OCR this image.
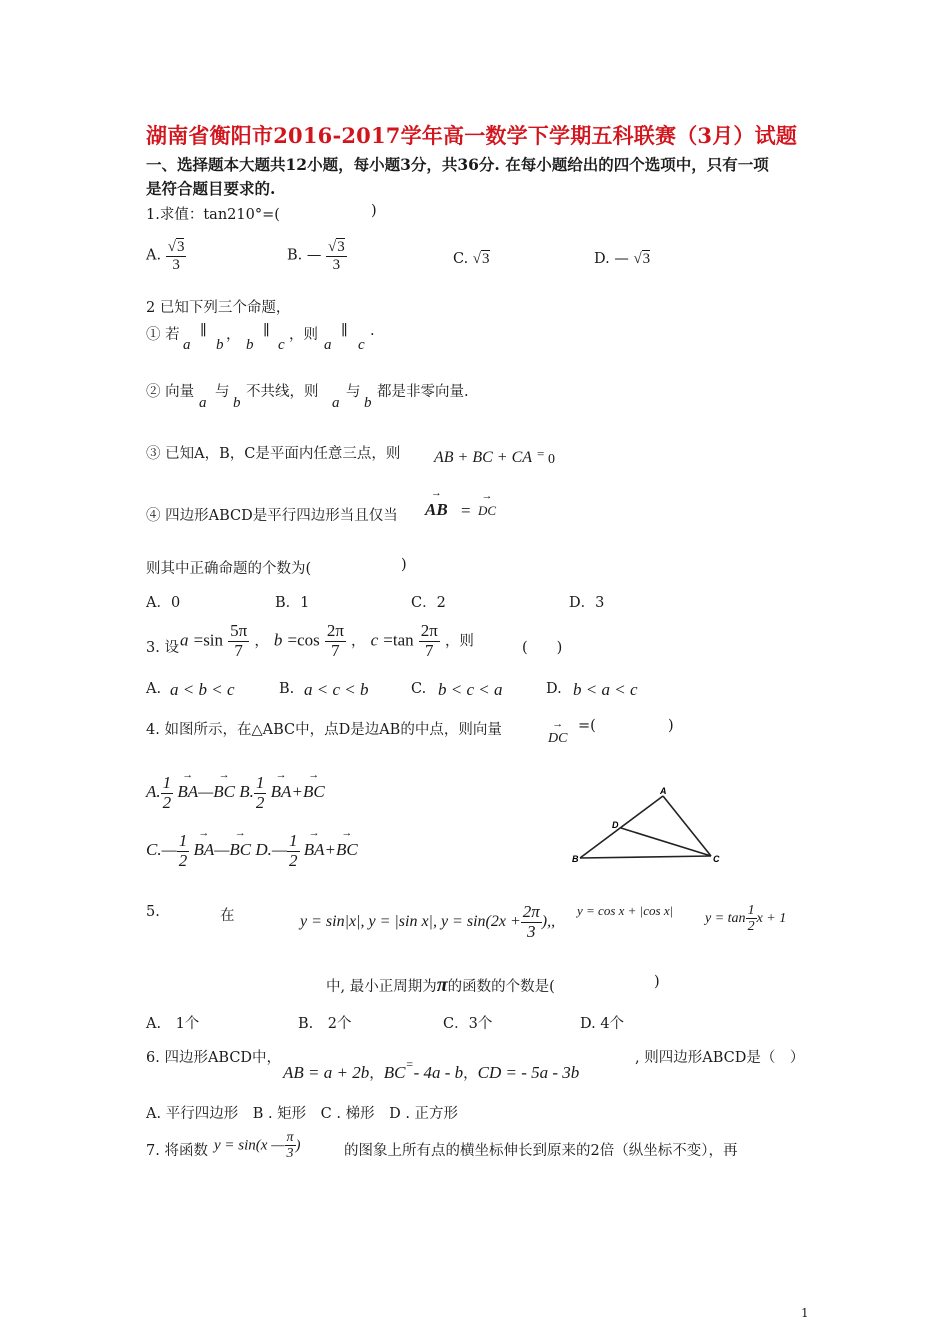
湖南省衡阳市2016-2017学年高一数学下学期五科联赛（3月）试题
一、选择题本大题共12小题，每小题3分，共36分. 在每小题给出的四个选项中，只有一项
是符合题目要求的.
1.求值：tan210°=(	)
A. $\frac{√3}{3}$	B. — $\frac{√3}{3}$	C. √3	D. — √3
2 已知下列三个命题，
① 若
a
∥
b
，
b
∥
c
，则
a
∥
c
.
② 向量
a
与
b
不共线，则
a
与
b
都是非零向量.
③ 已知A，B，C是平面内任意三点，则 AB + BC + CA = 0
④ 四边形ABCD是平行四边形当且仅当
→ AB =
→ DC
则其中正确命题的个数为(	)
A．0	B．1	C．2	D．3
3. 设 $a =\sin \frac{5\pi}{7}$ ， $b =\cos \frac{2\pi}{7}$ ， $c =\tan \frac{2\pi}{7}$ ，则	(　　)
A. a < b < c	B. a < c < b	C. b < c < a	D. b < a < c
4. 如图所示，在△ABC中，点D是边AB的中点，则向量
→ DC
=(	)
A. $\frac{1}{2}$
→ BA—→ BC B. $\frac{1}{2}$
→ BA+→ BC
C.— $\frac{1}{2}$
→ BA—→ BC D.— $\frac{1}{2}$
→ BA+→ BC
A
B	C
D
5.	在	y = sin|x|, y = |sin x|, $y = \sin(2x + \frac{2\pi}{3}$ ),,
y = cos x + |cos x|
$y = \tan \frac{1}{2}$ x + 1
中, 最小正周期为π的函数的个数是(	)
A.　1个	B.　2个	C．3个	D. 4个
6. 四边形ABCD中，
AB = a + 2b，BC=- 4a - b，CD = - 5a - 3b
, 则四边形ABCD是（　）
A. 平行四边形　B . 矩形　C . 梯形　D . 正方形
7. 将函数 y = sin(x — $\frac{\pi}{3}$ )	的图象上所有点的横坐标伸长到原来的2倍（纵坐标不变），再
1
